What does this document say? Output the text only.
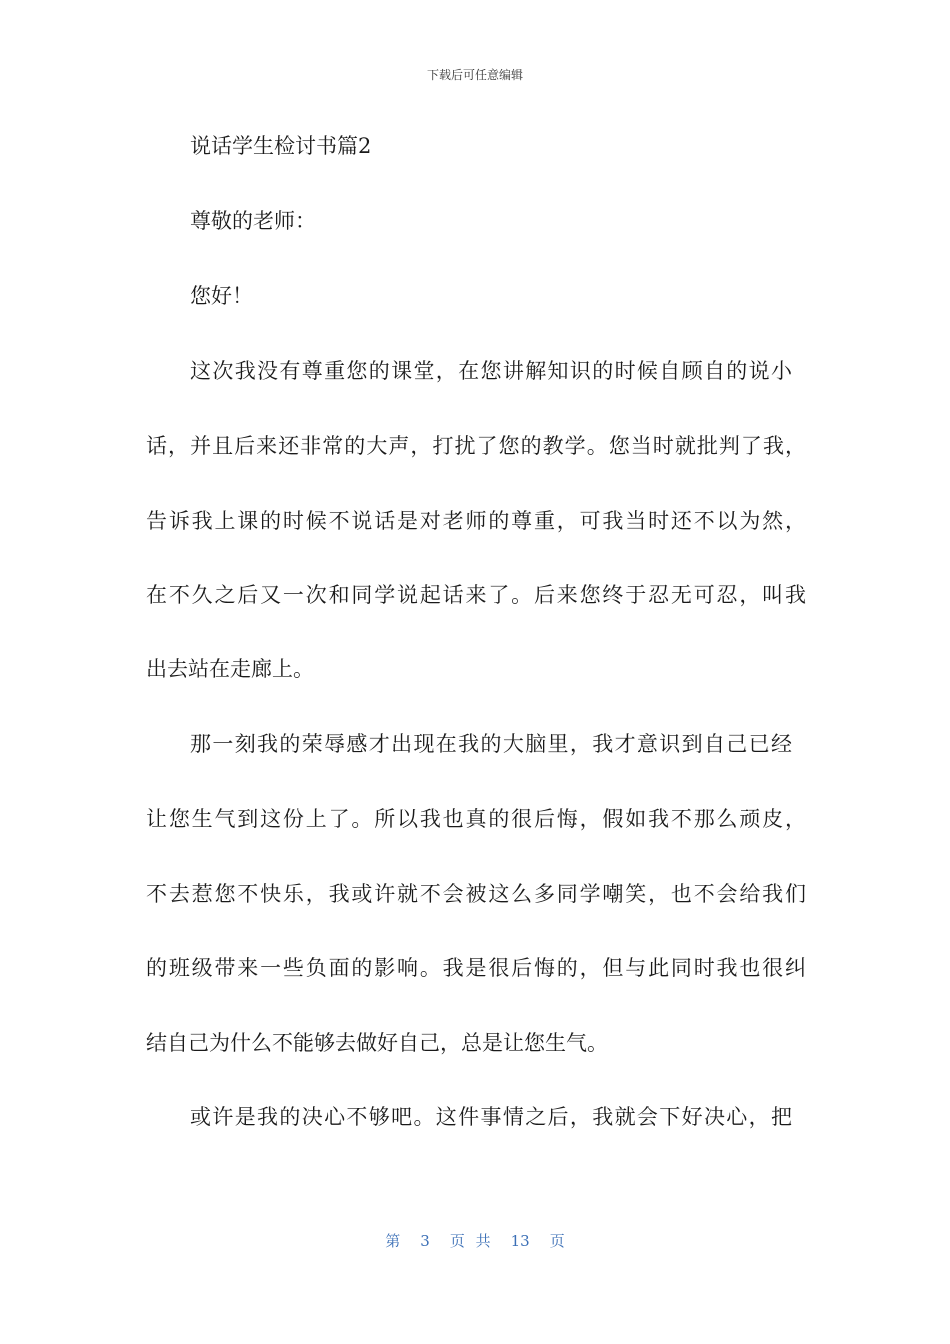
下载后可任意编辑
说话学生检讨书篇2
尊敬的老师：
您好！
这次我没有尊重您的课堂，在您讲解知识的时候自顾自的说小
话，并且后来还非常的大声，打扰了您的教学。您当时就批判了我，
告诉我上课的时候不说话是对老师的尊重，可我当时还不以为然，
在不久之后又一次和同学说起话来了。后来您终于忍无可忍，叫我
出去站在走廊上。
那一刻我的荣辱感才出现在我的大脑里，我才意识到自己已经
让您生气到这份上了。所以我也真的很后悔，假如我不那么顽皮，
不去惹您不快乐，我或许就不会被这么多同学嘲笑，也不会给我们
的班级带来一些负面的影响。我是很后悔的，但与此同时我也很纠
结自己为什么不能够去做好自己，总是让您生气。
或许是我的决心不够吧。这件事情之后，我就会下好决心，把
第 3 页 共 13 页
